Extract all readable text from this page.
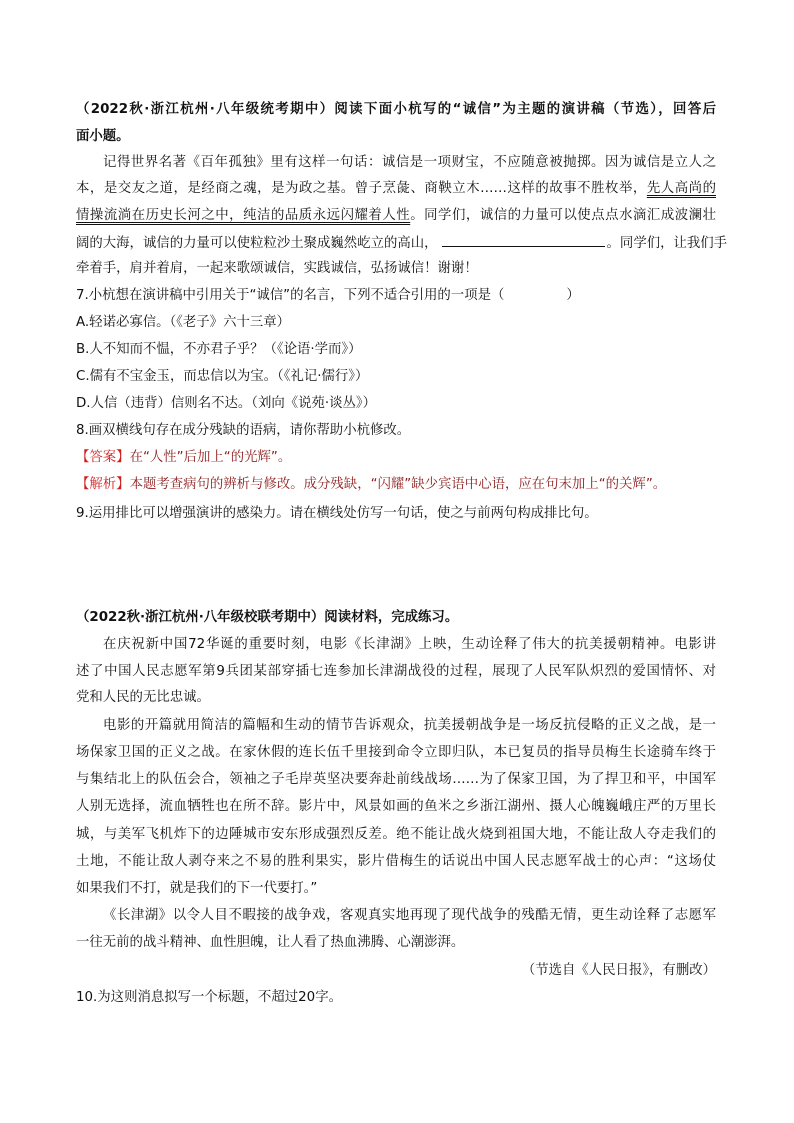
（2022秋·浙江杭州·八年级统考期中）阅读下面小杭写的“诚信”为主题的演讲稿（节选），回答后
面小题。
记得世界名著《百年孤独》里有这样一句话：诚信是一项财宝，不应随意被抛掷。因为诚信是立人之
本，是交友之道，是经商之魂，是为政之基。曾子烹彘、商鞅立木……这样的故事不胜枚举，先人高尚的
情操流淌在历史长河之中，纯洁的品质永远闪耀着人性。同学们，诚信的力量可以使点点水滴汇成波澜壮
阔的大海，诚信的力量可以使粒粒沙土聚成巍然屹立的高山，	。同学们，让我们手
牵着手，肩并着肩，一起来歌颂诚信，实践诚信，弘扬诚信！谢谢！
7.小杭想在演讲稿中引用关于“诚信”的名言，下列不适合引用的一项是（	）
A.轻诺必寡信。（《老子》六十三章）
B.人不知而不愠，不亦君子乎？（《论语·学而》）
C.儒有不宝金玉，而忠信以为宝。（《礼记·儒行》）
D.人信（违背）信则名不达。（刘向《说苑·谈丛》）
8.画双横线句存在成分残缺的语病，请你帮助小杭修改。
【答案】在“人性”后加上“的光辉”。
【解析】本题考查病句的辨析与修改。成分残缺，“闪耀”缺少宾语中心语，应在句末加上“的关辉”。
9.运用排比可以增强演讲的感染力。请在横线处仿写一句话，使之与前两句构成排比句。
（2022秋·浙江杭州·八年级校联考期中）阅读材料，完成练习。
在庆祝新中国72华诞的重要时刻，电影《长津湖》上映，生动诠释了伟大的抗美援朝精神。电影讲
述了中国人民志愿军第9兵团某部穿插七连参加长津湖战役的过程，展现了人民军队炽烈的爱国情怀、对
党和人民的无比忠诚。
电影的开篇就用简洁的篇幅和生动的情节告诉观众，抗美援朝战争是一场反抗侵略的正义之战，是一
场保家卫国的正义之战。在家休假的连长伍千里接到命令立即归队，本已复员的指导员梅生长途骑车终于
与集结北上的队伍会合，领袖之子毛岸英坚决要奔赴前线战场……为了保家卫国，为了捍卫和平，中国军
人别无选择，流血牺牲也在所不辞。影片中，风景如画的鱼米之乡浙江湖州、摄人心魄巍峨庄严的万里长
城，与美军飞机炸下的边陲城市安东形成强烈反差。绝不能让战火烧到祖国大地，不能让敌人夺走我们的
土地，不能让敌人剥夺来之不易的胜利果实，影片借梅生的话说出中国人民志愿军战士的心声：“这场仗
如果我们不打，就是我们的下一代要打。”
《长津湖》以令人目不暇接的战争戏，客观真实地再现了现代战争的残酷无情，更生动诠释了志愿军
一往无前的战斗精神、血性胆魄，让人看了热血沸腾、心潮澎湃。
（节选自《人民日报》，有删改）
10.为这则消息拟写一个标题，不超过20字。
